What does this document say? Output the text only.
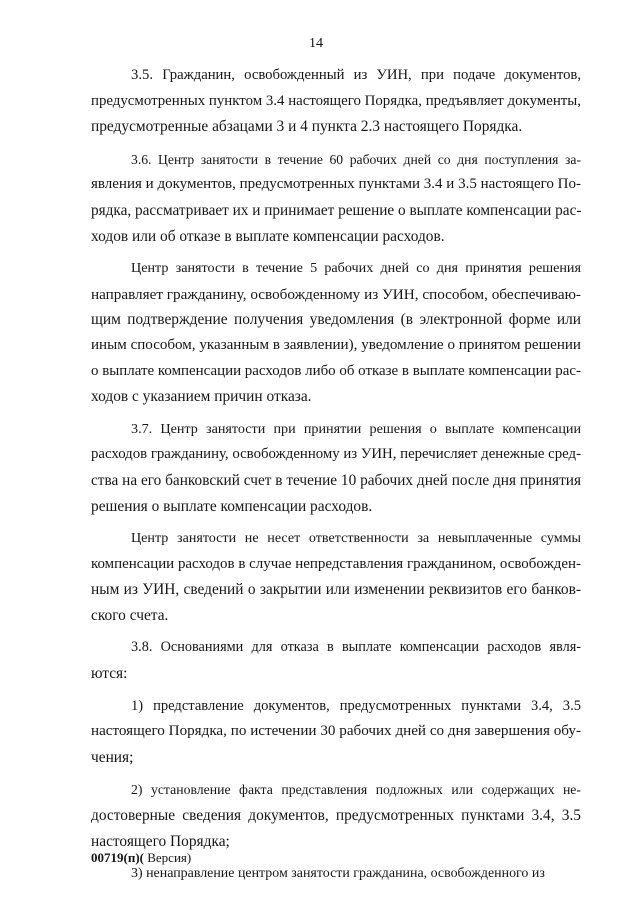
14

3.5. Гражданин, освобожденный из УИН, при подаче документов,
предусмотренных пунктом 3.4 настоящего Порядка, предъявляет документы,
предусмотренные абзацами 3 и 4 пункта 2.3 настоящего Порядка.

3.6. Центр занятости в течение 60 рабочих дней со дня поступления за-
явления и документов, предусмотренных пунктами 3.4 и 3.5 настоящего По-
рядка, рассматривает их и принимает решение о выплате компенсации рас-
ходов или об отказе в выплате компенсации расходов.

Центр занятости в течение 5 рабочих дней со дня принятия решения
направляет гражданину, освобожденному из УИН, способом, обеспечиваю-
щим подтверждение получения уведомления (в электронной форме или
иным способом, указанным в заявлении), уведомление о принятом решении
о выплате компенсации расходов либо об отказе в выплате компенсации рас-
ходов с указанием причин отказа.

3.7. Центр занятости при принятии решения о выплате компенсации
расходов гражданину, освобожденному из УИН, перечисляет денежные сред-
ства на его банковский счет в течение 10 рабочих дней после дня принятия
решения о выплате компенсации расходов.

Центр занятости не несет ответственности за невыплаченные суммы
компенсации расходов в случае непредставления гражданином, освобожден-
ным из УИН, сведений о закрытии или изменении реквизитов его банков-
ского счета.

3.8. Основаниями для отказа в выплате компенсации расходов явля-
ются:

1) представление документов, предусмотренных пунктами 3.4, 3.5
настоящего Порядка, по истечении 30 рабочих дней со дня завершения обу-
чения;

2) установление факта представления подложных или содержащих не-
достоверные сведения документов, предусмотренных пунктами 3.4, 3.5
настоящего Порядка;

3) ненаправление центром занятости гражданина, освобожденного из

00719(п)( Версия)
